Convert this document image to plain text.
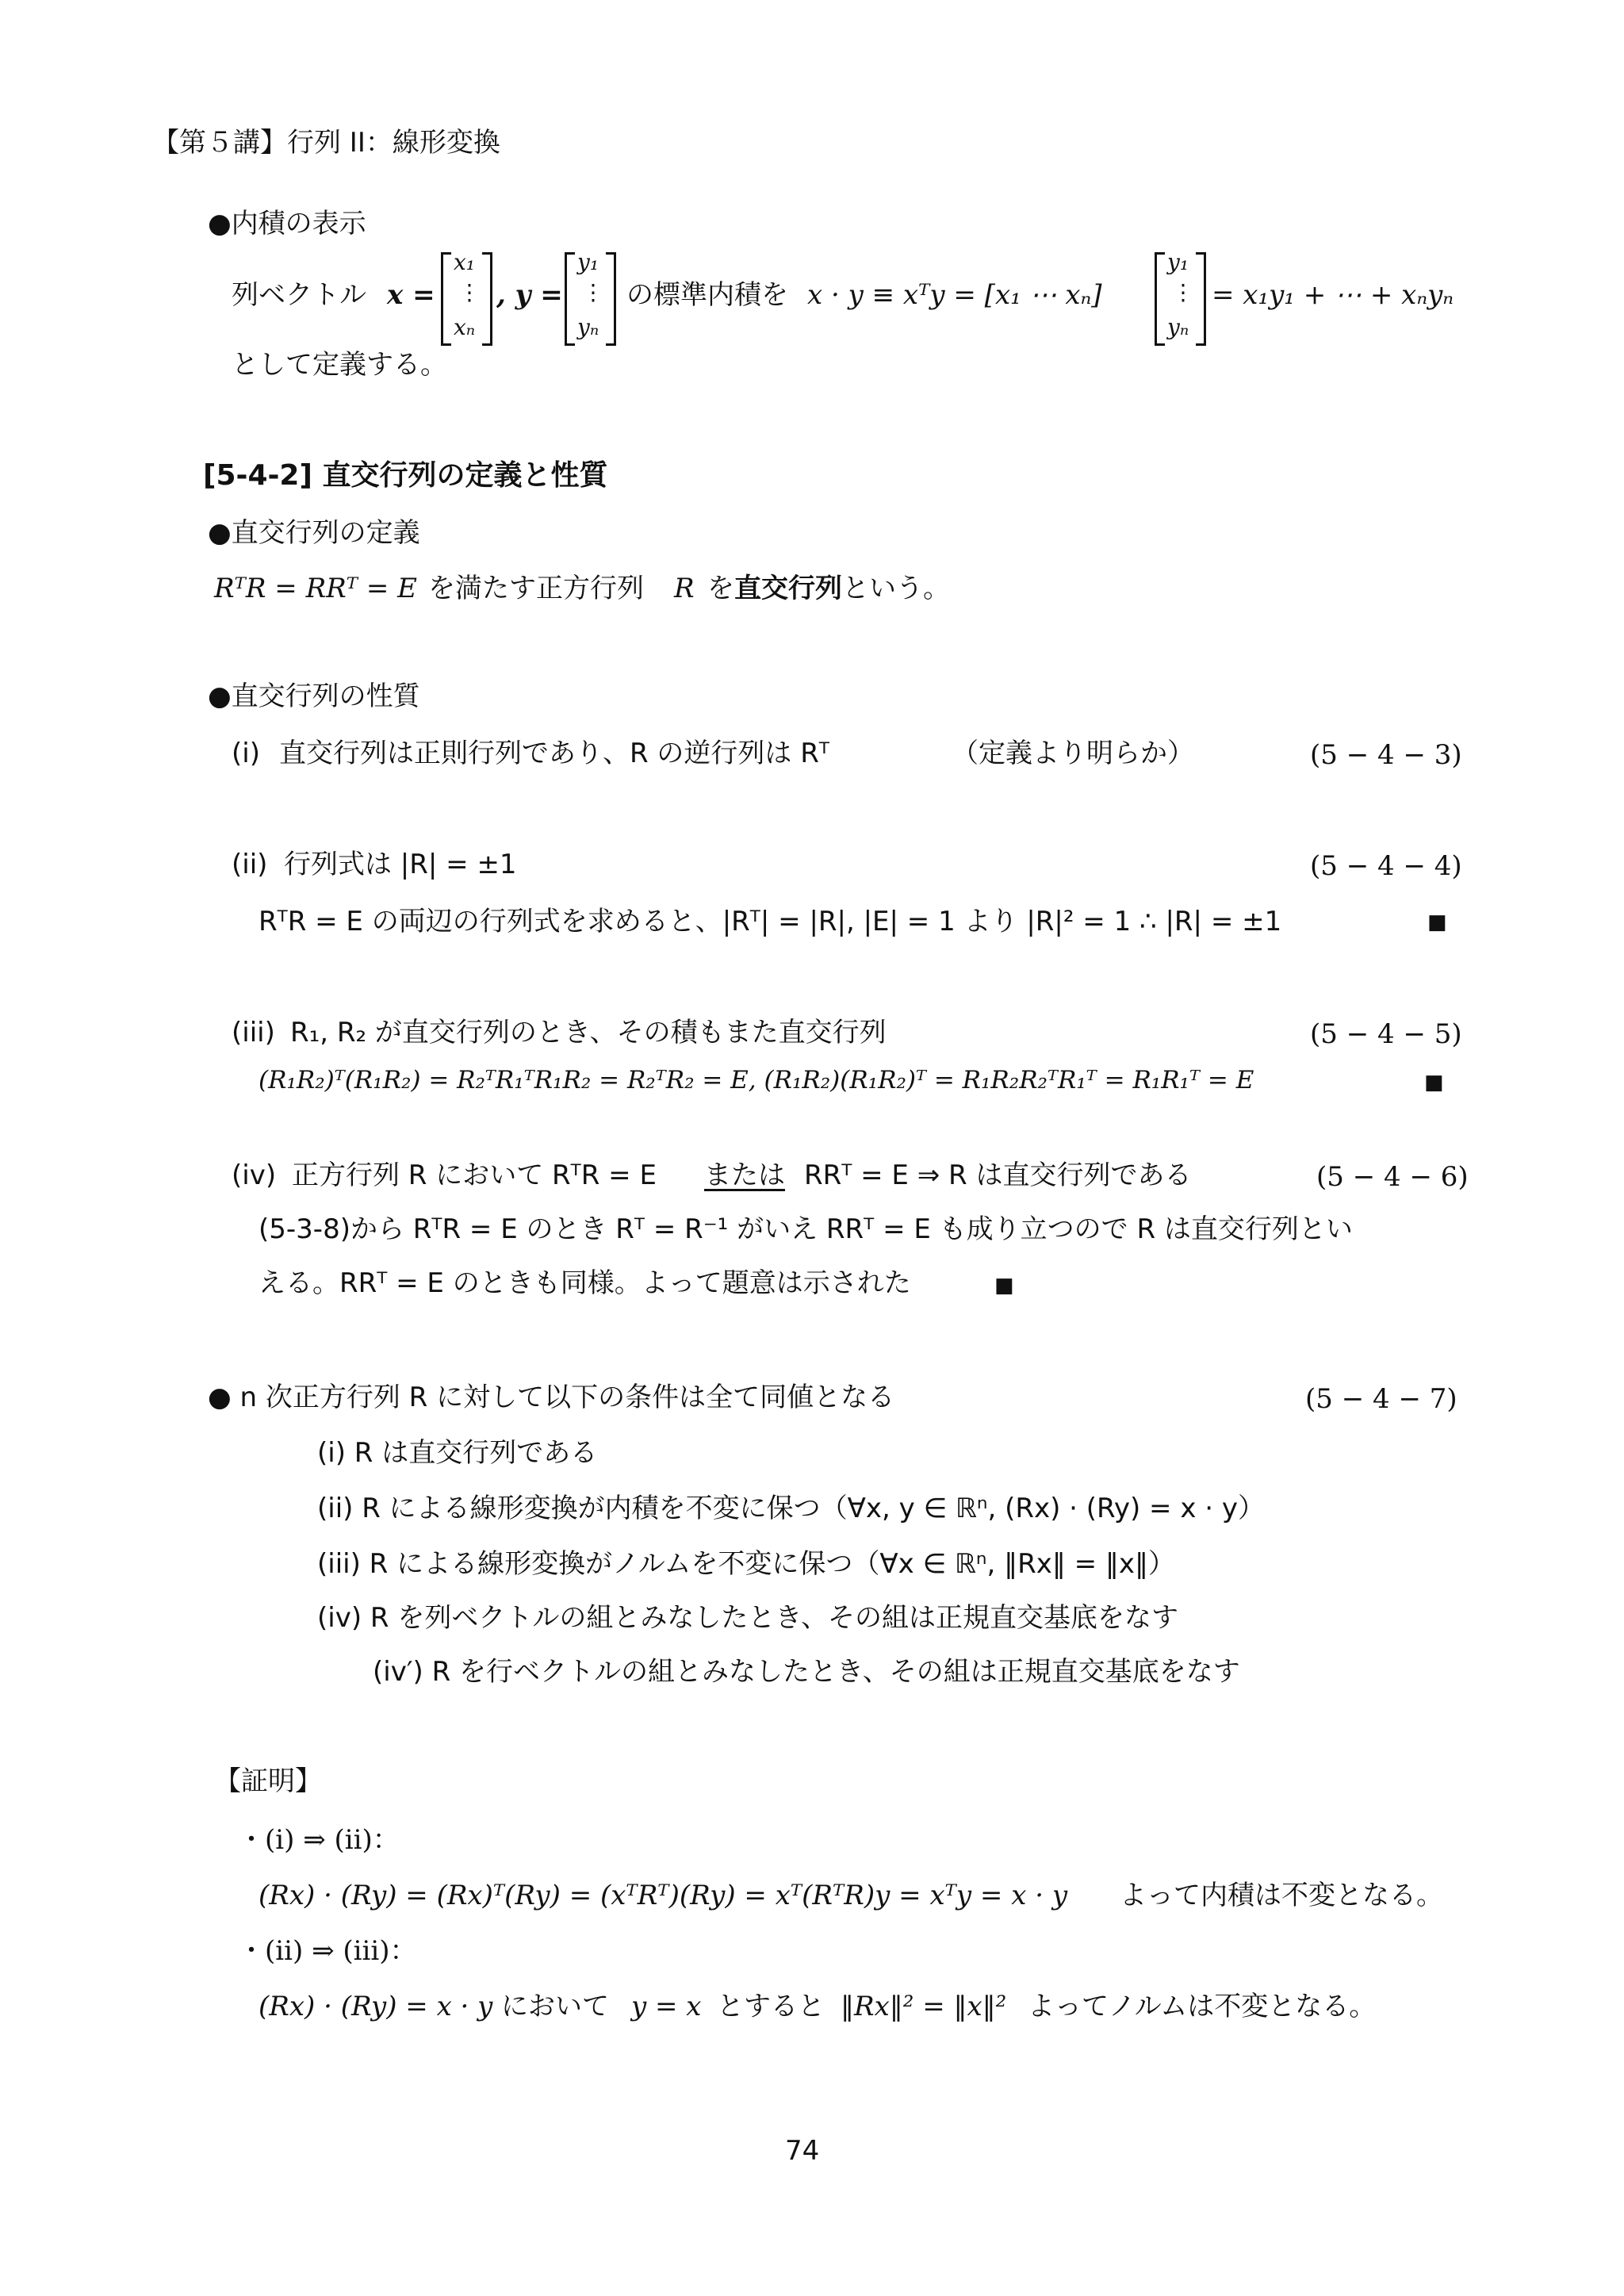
【第５講】行列 II：線形変換
●内積の表示
列ベクトル x =
x₁
⋮
xₙ
, y =
y₁
⋮
yₙ
の標準内積を x · y ≡ xᵀy = [x₁ ⋯ xₙ]
y₁
⋮
yₙ
= x₁y₁ + ⋯ + xₙyₙ
として定義する。
[5-4-2] 直交行列の定義と性質
●直交行列の定義
RᵀR = RRᵀ = E を満たす正方行列 R を 直交行列 という。
●直交行列の性質
(i) 直交行列は正則行列であり、R の逆行列は Rᵀ	（定義より明らか）	(5 − 4 − 3)
(ii) 行列式は |R| = ±1	(5 − 4 − 4)
RᵀR = E の両辺の行列式を求めると、|Rᵀ| = |R|, |E| = 1 より |R|² = 1 ∴ |R| = ±1	■
(iii) R₁, R₂ が直交行列のとき、その積もまた直交行列	(5 − 4 − 5)
(R₁R₂)ᵀ(R₁R₂) = R₂ᵀR₁ᵀR₁R₂ = R₂ᵀR₂ = E, (R₁R₂)(R₁R₂)ᵀ = R₁R₂R₂ᵀR₁ᵀ = R₁R₁ᵀ = E	■
(iv) 正方行列 R において RᵀR = E または RRᵀ = E ⇒ R は直交行列である	(5 − 4 − 6)
(5-3-8)から RᵀR = E のとき Rᵀ = R⁻¹ がいえ RRᵀ = E も成り立つので R は直交行列とい
える。RRᵀ = E のときも同様。よって題意は示された	■
● n 次正方行列 R に対して以下の条件は全て同値となる	(5 − 4 − 7)
(i) R は直交行列である
(ii) R による線形変換が内積を不変に保つ（∀x, y ∈ ℝⁿ, (Rx) · (Ry) = x · y）
(iii) R による線形変換がノルムを不変に保つ（∀x ∈ ℝⁿ, ‖Rx‖ = ‖x‖）
(iv) R を列ベクトルの組とみなしたとき、その組は正規直交基底をなす
(iv′) R を行ベクトルの組とみなしたとき、その組は正規直交基底をなす
【証明】
・(i) ⇒ (ii)：
(Rx) · (Ry) = (Rx)ᵀ(Ry) = (xᵀRᵀ)(Ry) = xᵀ(RᵀR)y = xᵀy = x · y よって内積は不変となる。
・(ii) ⇒ (iii)：
(Rx) · (Ry) = x · y において y = x とすると ‖Rx‖² = ‖x‖² よってノルムは不変となる。
74
